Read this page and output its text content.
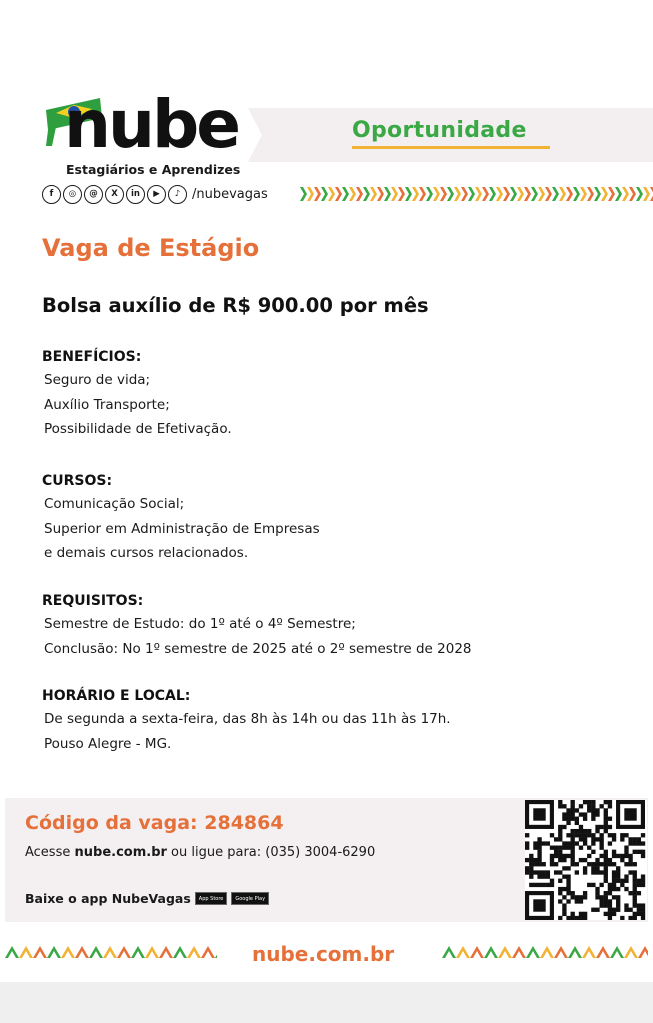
Oportunidade
nube
Estagiários e Aprendizes
f	◎	@	X	in	▶	♪ /nubevagas
Vaga de Estágio
Bolsa auxílio de R$ 900.00 por mês
BENEFÍCIOS:
Seguro de vida;
Auxílio Transporte;
Possibilidade de Efetivação.
CURSOS:
Comunicação Social;
Superior em Administração de Empresas
e demais cursos relacionados.
REQUISITOS:
Semestre de Estudo: do 1º até o 4º Semestre;
Conclusão: No 1º semestre de 2025 até o 2º semestre de 2028
HORÁRIO E LOCAL:
De segunda a sexta-feira, das 8h às 14h ou das 11h às 17h.
Pouso Alegre - MG.
Código da vaga: 284864
Acesse nube.com.br ou ligue para: (035) 3004-6290
Baixe o app NubeVagas	App Store	Google Play
nube.com.br
